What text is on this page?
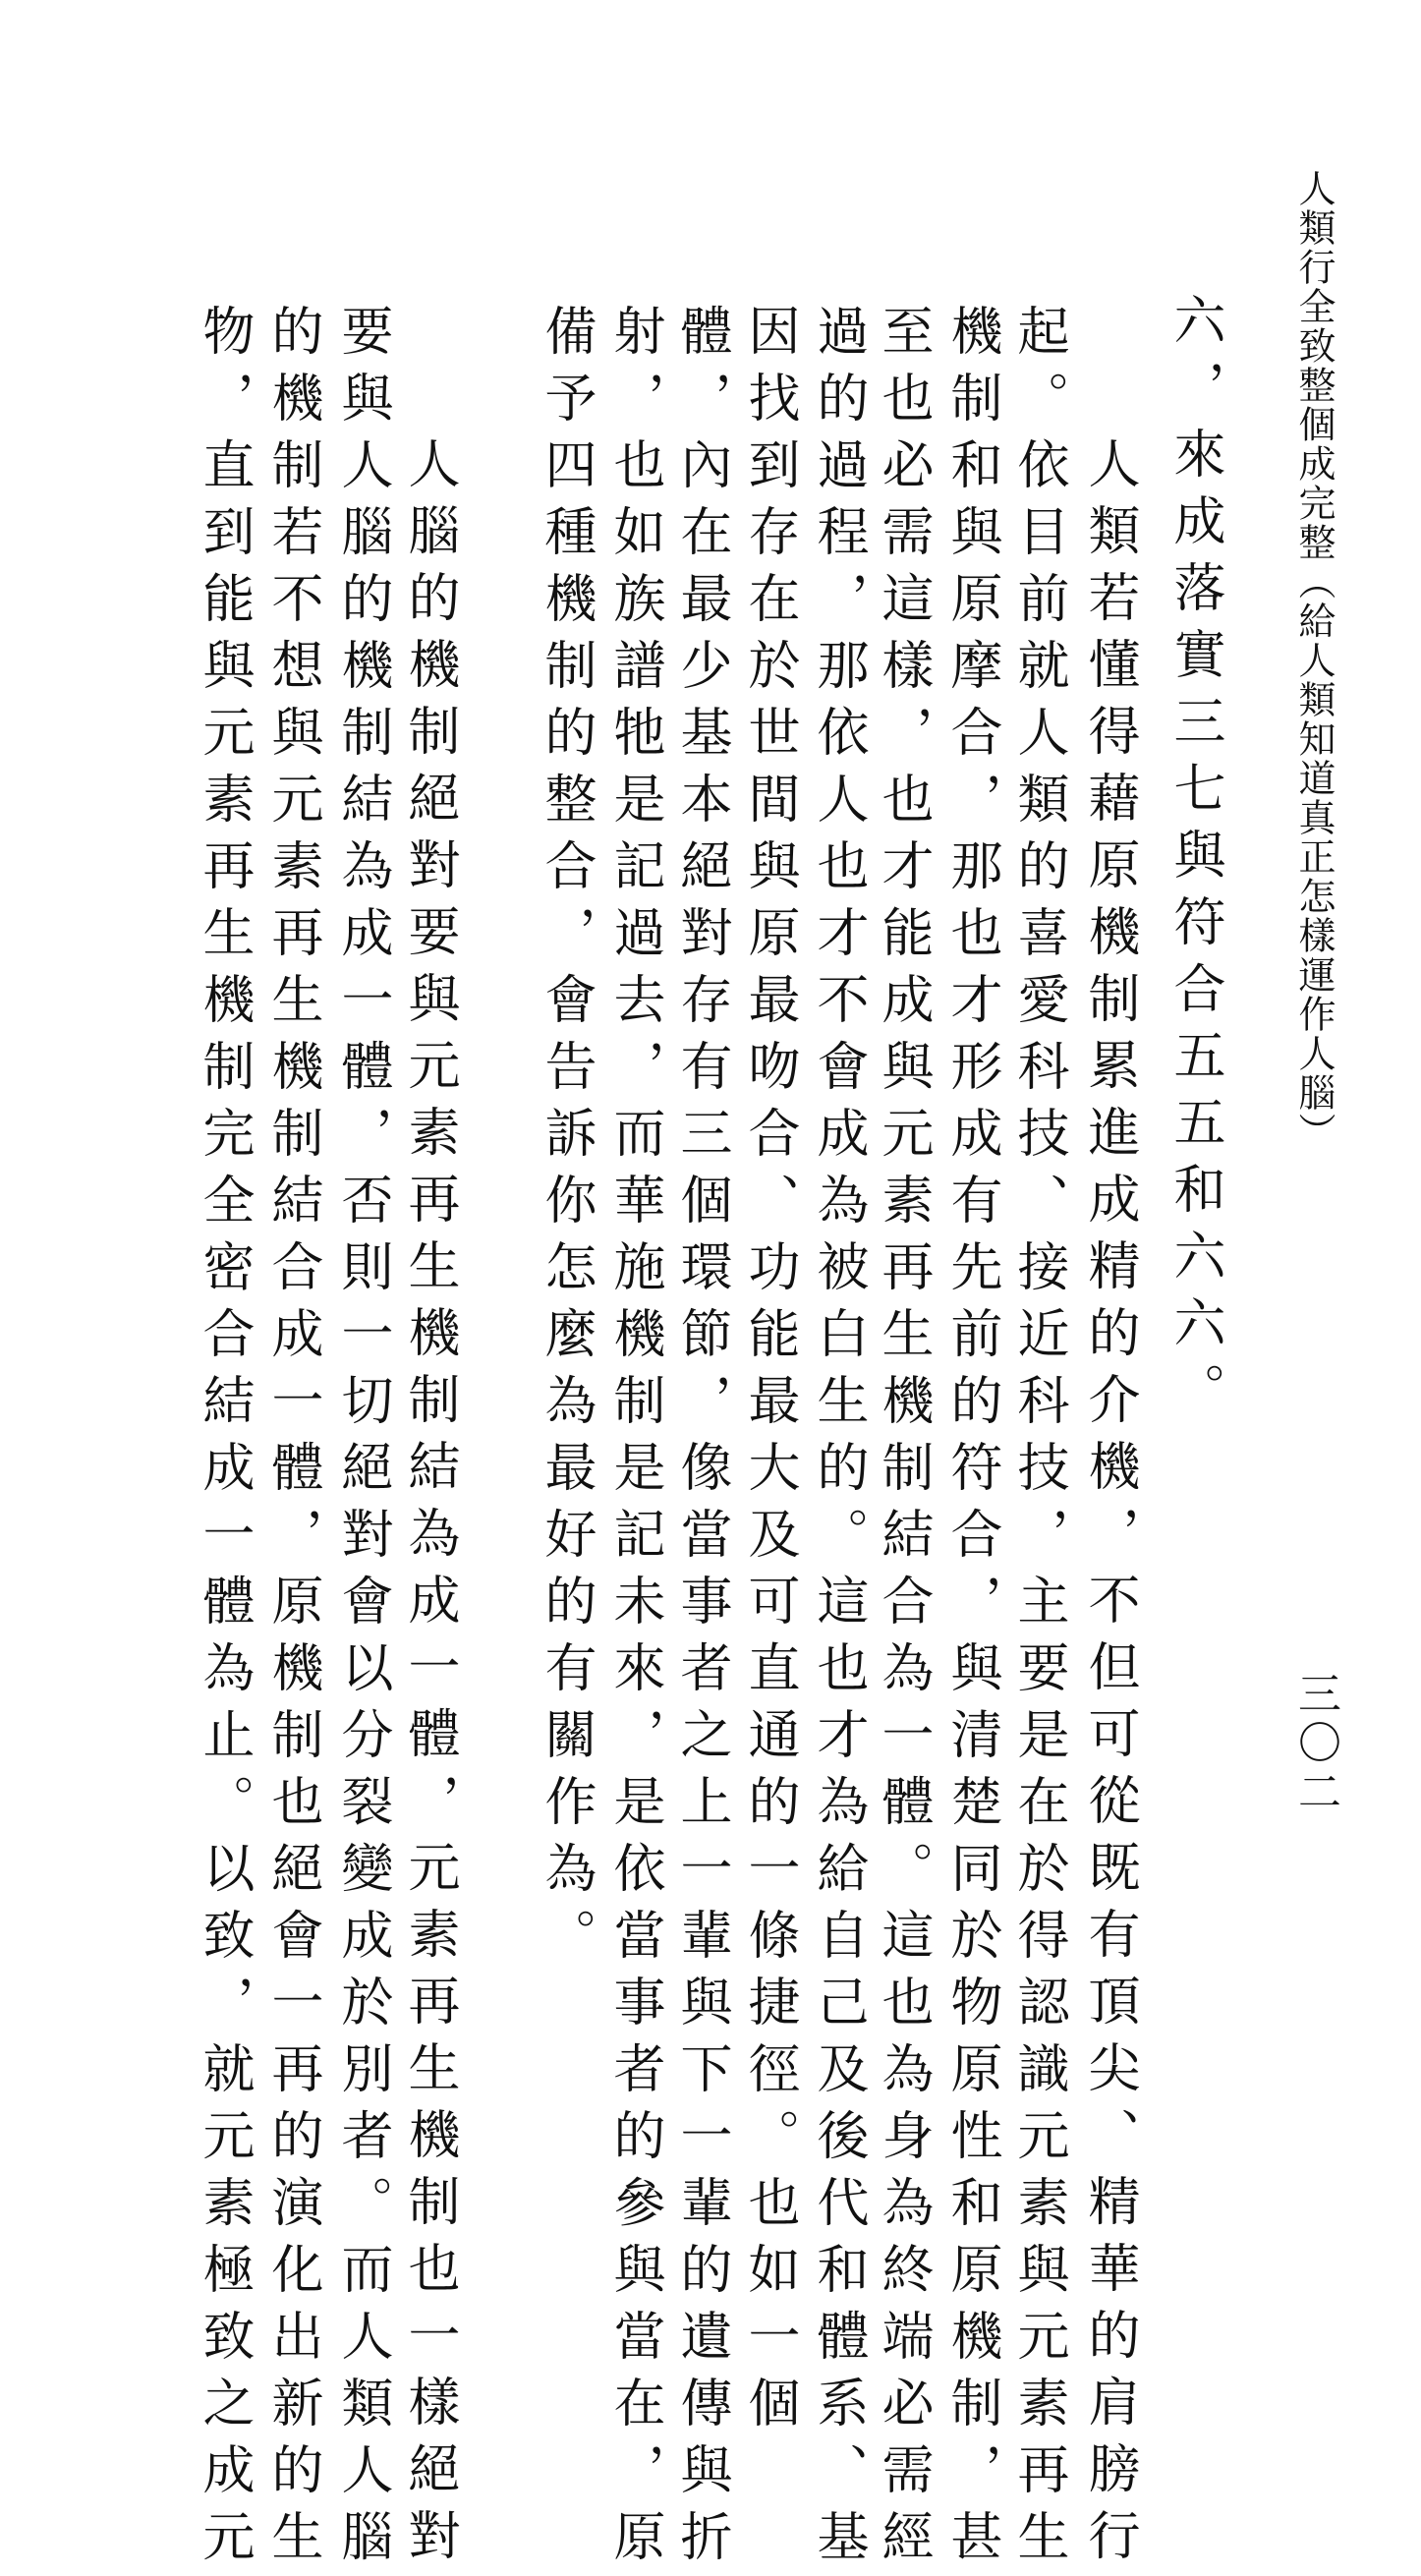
人類行全致整個成完整（給人類知道真正怎樣運作人腦）
三〇二
六，來成落實三七與符合五五和六六。
　人類若懂得藉原機制累進成精的介機，不但可從既有頂尖、精華的肩膀行
起。依目前就人類的喜愛科技、接近科技，主要是在於得認識元素與元素再生
機制和與原摩合，那也才形成有先前的符合，與清楚同於物原性和原機制，甚
至也必需這樣，也才能成與元素再生機制結合為一體。這也為身為終端必需經
過的過程，那依人也才不會成為被白生的。這也才為給自己及後代和體系、基
因找到存在於世間與原最吻合、功能最大及可直通的一條捷徑。也如一個
體，內在最少基本絕對存有三個環節，像當事者之上一輩與下一輩的遺傳與折
射，也如族譜牠是記過去，而華施機制是記未來，是依當事者的參與當在，原
備予四種機制的整合，會告訴你怎麼為最好的有關作為。
　人腦的機制絕對要與元素再生機制結為成一體，元素再生機制也一樣絕對
要與人腦的機制結為成一體，否則一切絕對會以分裂變成於別者。而人類人腦
的機制若不想與元素再生機制結合成一體，原機制也絕會一再的演化出新的生
物，直到能與元素再生機制完全密合結成一體為止。以致，就元素極致之成元
